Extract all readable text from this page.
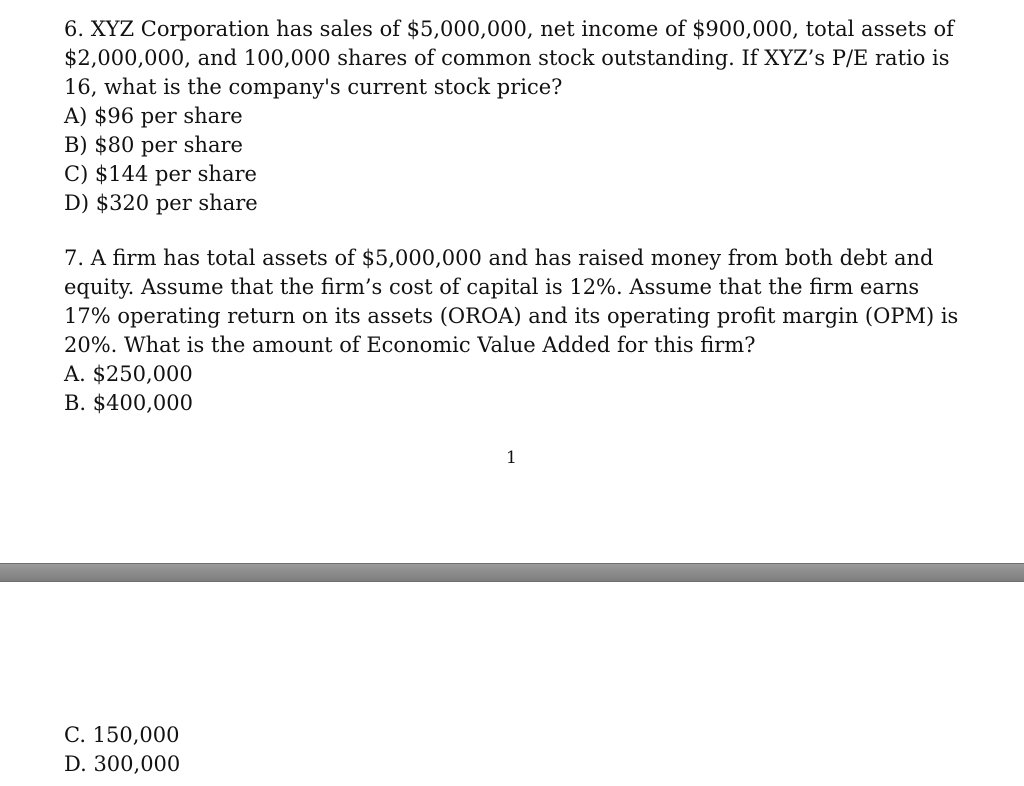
6. XYZ Corporation has sales of $5,000,000, net income of $900,000, total assets of $2,000,000, and 100,000 shares of common stock outstanding. If XYZ’s P/E ratio is 16, what is the company's current stock price?

A) $96 per share
B) $80 per share
C) $144 per share
D) $320 per share

7. A firm has total assets of $5,000,000 and has raised money from both debt and equity. Assume that the firm’s cost of capital is 12%. Assume that the firm earns 17% operating return on its assets (OROA) and its operating profit margin (OPM) is 20%. What is the amount of Economic Value Added for this firm?

A. $250,000
B. $400,000
1
C. 150,000
D. 300,000
